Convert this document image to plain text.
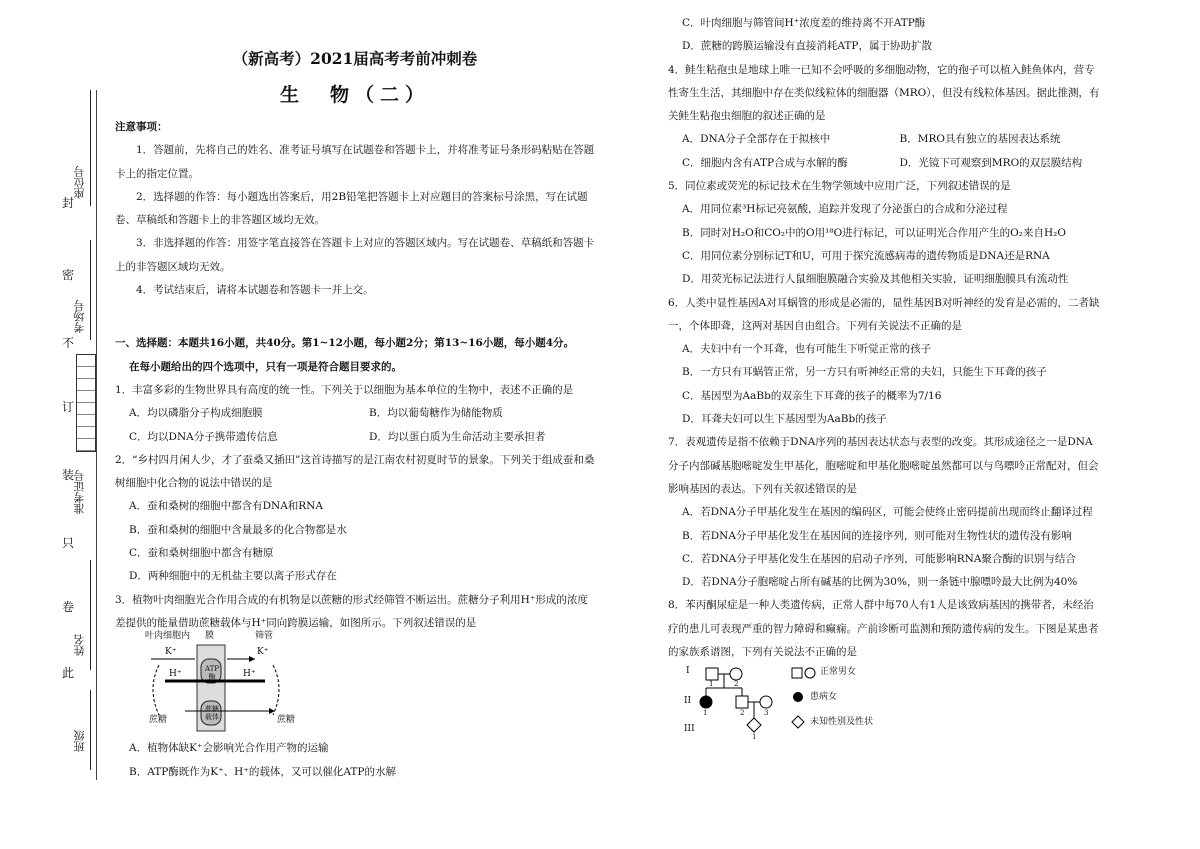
封
密
不
订
装
只
卷
此
座位号
考场号
准考证号
姓名
班级
（新高考）2021届高考考前冲刺卷
生　物（二）
注意事项：

1．答题前，先将自己的姓名、准考证号填写在试题卷和答题卡上，并将准考证号条形码粘贴在答题卡上的指定位置。

2．选择题的作答：每小题选出答案后，用2B铅笔把答题卡上对应题目的答案标号涂黑，写在试题卷、草稿纸和答题卡上的非答题区域均无效。

3．非选择题的作答：用签字笔直接答在答题卡上对应的答题区域内。写在试题卷、草稿纸和答题卡上的非答题区域均无效。

4．考试结束后，请将本试题卷和答题卡一并上交。

一、选择题：本题共16小题，共40分。第1~12小题，每小题2分；第13~16小题，每小题4分。
在每小题给出的四个选项中，只有一项是符合题目要求的。

1．丰富多彩的生物世界具有高度的统一性。下列关于以细胞为基本单位的生物中，表述不正确的是

A．均以磷脂分子构成细胞膜	B．均以葡萄糖作为储能物质
C．均以DNA分子携带遗传信息	D．均以蛋白质为生命活动主要承担者

2．“乡村四月闲人少，才了蚕桑又插田”这首诗描写的是江南农村初夏时节的景象。下列关于组成蚕和桑树细胞中化合物的说法中错误的是

A．蚕和桑树的细胞中都含有DNA和RNA
B．蚕和桑树的细胞中含量最多的化合物都是水
C．蚕和桑树细胞中都含有糖原
D．两种细胞中的无机盐主要以离子形式存在

3．植物叶肉细胞光合作用合成的有机物是以蔗糖的形式经筛管不断运出。蔗糖分子利用H⁺形成的浓度差提供的能量借助蔗糖载体与H⁺同向跨膜运输，如图所示。下列叙述错误的是

叶肉细胞内 膜	筛管
K⁺	K⁺
H⁺	H⁺
ATP酶
蔗糖载体
蔗糖	蔗糖
A．植物体缺K⁺会影响光合作用产物的运输
B．ATP酶既作为K⁺、H⁺的载体，又可以催化ATP的水解
C．叶肉细胞与筛管间H⁺浓度差的维持离不开ATP酶
D．蔗糖的跨膜运输没有直接消耗ATP，属于协助扩散

4．鲑生粘孢虫是地球上唯一已知不会呼吸的多细胞动物，它的孢子可以植入鲑鱼体内，营专性寄生生活，其细胞中存在类似线粒体的细胞器（MRO），但没有线粒体基因。据此推测，有关鲑生粘孢虫细胞的叙述正确的是

A．DNA分子全部存在于拟核中	B．MRO具有独立的基因表达系统
C．细胞内含有ATP合成与水解的酶	D．光镜下可观察到MRO的双层膜结构

5．同位素或荧光的标记技术在生物学领域中应用广泛，下列叙述错误的是

A．用同位素³H标记亮氨酸，追踪并发现了分泌蛋白的合成和分泌过程
B．同时对H₂O和CO₂中的O用¹⁸O进行标记，可以证明光合作用产生的O₂来自H₂O
C．用同位素分别标记T和U，可用于探究流感病毒的遗传物质是DNA还是RNA
D．用荧光标记法进行人鼠细胞膜融合实验及其他相关实验，证明细胞膜具有流动性

6．人类中显性基因A对耳蜗管的形成是必需的，显性基因B对听神经的发育是必需的，二者缺一，个体即聋，这两对基因自由组合。下列有关说法不正确的是

A．夫妇中有一个耳聋，也有可能生下听觉正常的孩子
B．一方只有耳蜗管正常，另一方只有听神经正常的夫妇，只能生下耳聋的孩子
C．基因型为AaBb的双亲生下耳聋的孩子的概率为7/16
D．耳聋夫妇可以生下基因型为AaBb的孩子

7．表观遗传是指不依赖于DNA序列的基因表达状态与表型的改变。其形成途径之一是DNA分子内部碱基胞嘧啶发生甲基化，胞嘧啶和甲基化胞嘧啶虽然都可以与鸟嘌呤正常配对，但会影响基因的表达。下列有关叙述错误的是

A．若DNA分子甲基化发生在基因的编码区，可能会使终止密码提前出现而终止翻译过程
B．若DNA分子甲基化发生在基因间的连接序列，则可能对生物性状的遗传没有影响
C．若DNA分子甲基化发生在基因的启动子序列，可能影响RNA聚合酶的识别与结合
D．若DNA分子胞嘧啶占所有碱基的比例为30%，则一条链中腺嘌呤最大比例为40%

8．苯丙酮尿症是一种人类遗传病，正常人群中每70人有1人是该致病基因的携带者，未经治疗的患儿可表现严重的智力障碍和癫痫。产前诊断可监测和预防遗传病的发生。下图是某患者的家族系谱图，下列有关说法不正确的是

I
II
III
1	2
1	2	3
1
正常男女
患病女
未知性别及性状
